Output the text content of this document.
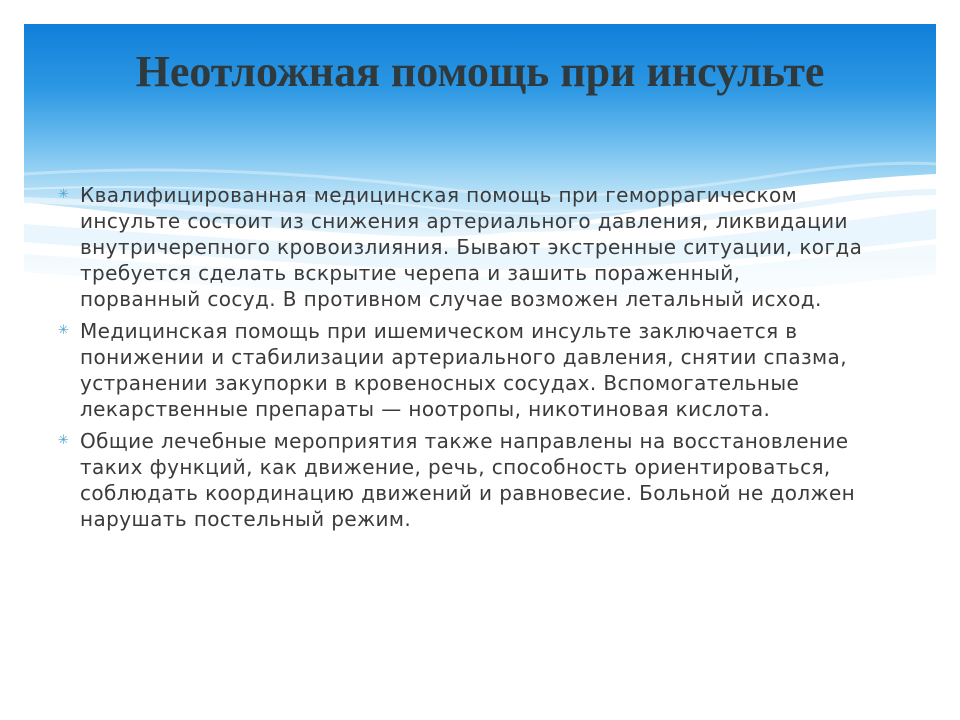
Неотложная помощь при инсульте
✳ Квалифицированная медицинская помощь при геморрагическом инсульте состоит из снижения артериального давления, ликвидации внутричерепного кровоизлияния. Бывают экстренные ситуации, когда требуется сделать вскрытие черепа и зашить пораженный, порванный сосуд. В противном случае возможен летальный исход.
✳ Медицинская помощь при ишемическом инсульте заключается в понижении и стабилизации артериального давления, снятии спазма, устранении закупорки в кровеносных сосудах. Вспомогательные лекарственные препараты — ноотропы, никотиновая кислота.
✳ Общие лечебные мероприятия также направлены на восстановление таких функций, как движение, речь, способность ориентироваться, соблюдать координацию движений и равновесие. Больной не должен нарушать постельный режим.
